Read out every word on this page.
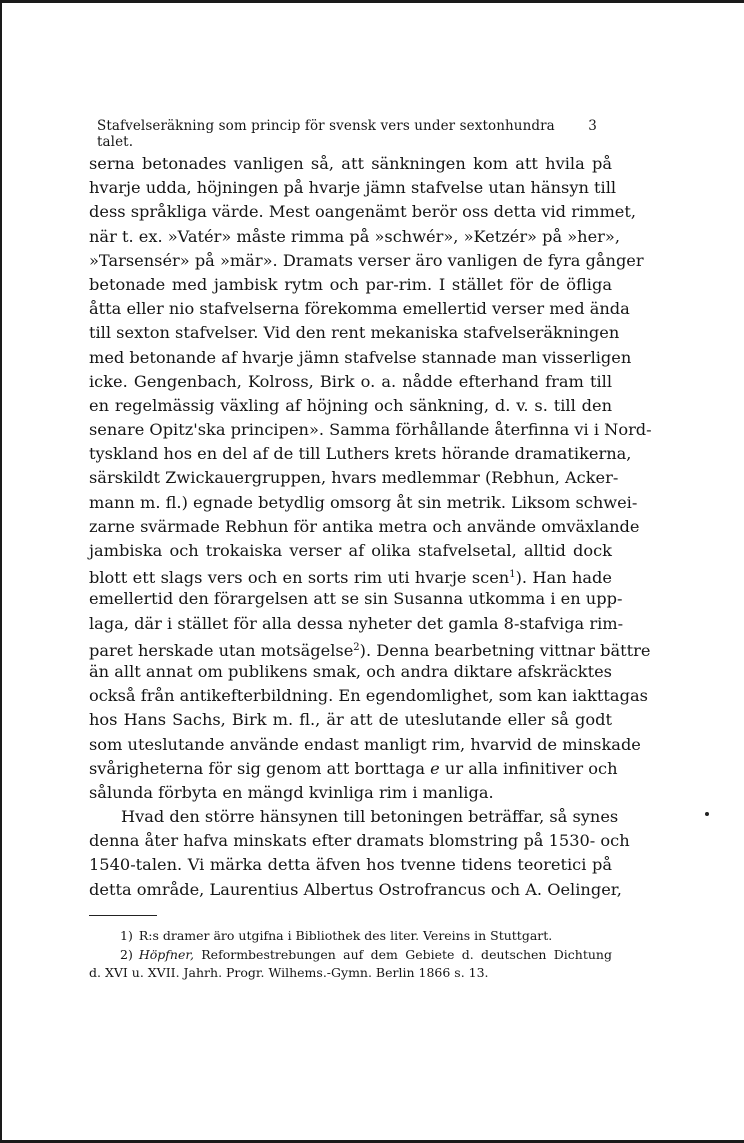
Stafvelseräkning som princip för svensk vers under sextonhundra talet.
3
serna betonades vanligen så, att sänkningen kom att hvila på
hvarje udda, höjningen på hvarje jämn stafvelse utan hänsyn till
dess språkliga värde. Mest oangenämt berör oss detta vid rimmet,
när t. ex. »Vatér» måste rimma på »schwér», »Ketzér» på »her»,
»Tarsensér» på »mär». Dramats verser äro vanligen de fyra gånger
betonade med jambisk rytm och par-rim. I stället för de öfliga
åtta eller nio stafvelserna förekomma emellertid verser med ända
till sexton stafvelser. Vid den rent mekaniska stafvelseräkningen
med betonande af hvarje jämn stafvelse stannade man visserligen
icke. Gengenbach, Kolross, Birk o. a. nådde efterhand fram till
en regelmässig växling af höjning och sänkning, d. v. s. till den
senare Opitz'ska principen». Samma förhållande återfinna vi i Nord-
tyskland hos en del af de till Luthers krets hörande dramatikerna,
särskildt Zwickauergruppen, hvars medlemmar (Rebhun, Acker-
mann m. fl.) egnade betydlig omsorg åt sin metrik. Liksom schwei-
zarne svärmade Rebhun för antika metra och använde omväxlande
jambiska och trokaiska verser af olika stafvelsetal, alltid dock
blott ett slags vers och en sorts rim uti hvarje scen$^1$). Han hade
emellertid den förargelsen att se sin Susanna utkomma i en upp-
laga, där i stället för alla dessa nyheter det gamla 8-stafviga rim-
paret herskade utan motsägelse$^2$). Denna bearbetning vittnar bättre
än allt annat om publikens smak, och andra diktare afskräcktes
också från antikefterbildning. En egendomlighet, som kan iakttagas
hos Hans Sachs, Birk m. fl., är att de uteslutande eller så godt
som uteslutande använde endast manligt rim, hvarvid de minskade
svårigheterna för sig genom att borttaga e ur alla infinitiver och
sålunda förbyta en mängd kvinliga rim i manliga.
Hvad den större hänsynen till betoningen beträffar, så synes
denna åter hafva minskats efter dramats blomstring på 1530- och
1540-talen. Vi märka detta äfven hos tvenne tidens teoretici på
detta område, Laurentius Albertus Ostrofrancus och A. Oelinger,
1) R:s dramer äro utgifna i Bibliothek des liter. Vereins in Stuttgart.
2) Höpfner, Reformbestrebungen auf dem Gebiete d. deutschen Dichtung
d. XVI u. XVII. Jahrh. Progr. Wilhems.-Gymn. Berlin 1866 s. 13.
